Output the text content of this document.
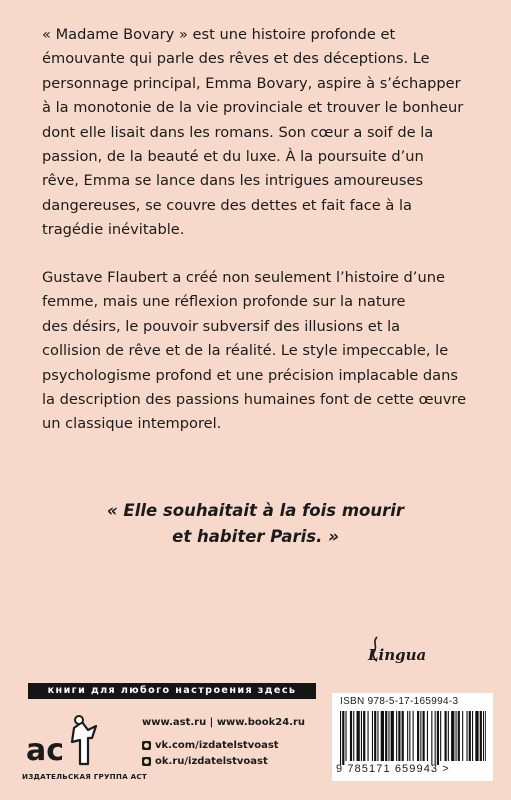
« Madame Bovary » est une histoire profonde et
émouvante qui parle des rêves et des déceptions. Le
personnage principal, Emma Bovary, aspire à s’échapper
à la monotonie de la vie provinciale et trouver le bonheur
dont elle lisait dans les romans. Son cœur a soif de la
passion, de la beauté et du luxe. À la poursuite d’un
rêve, Emma se lance dans les intrigues amoureuses
dangereuses, se couvre des dettes et fait face à la
tragédie inévitable.
Gustave Flaubert a créé non seulement l’histoire d’une
femme, mais une réflexion profonde sur la nature
des désirs, le pouvoir subversif des illusions et la
collision de rêve et de la réalité. Le style impeccable, le
psychologisme profond et une précision implacable dans
la description des passions humaines font de cette œuvre
un classique intemporel.
« Elle souhaitait à la fois mourir
et habiter Paris. »
Lingua
книги для любого настроения здесь
ac
ИЗДАТЕЛЬСКАЯ ГРУППА АСТ
www.ast.ru | www.book24.ru
vk.com/izdatelstvoast
ok.ru/izdatelstvoast
ISBN 978-5-17-165994-3
9 785171 659943 >
